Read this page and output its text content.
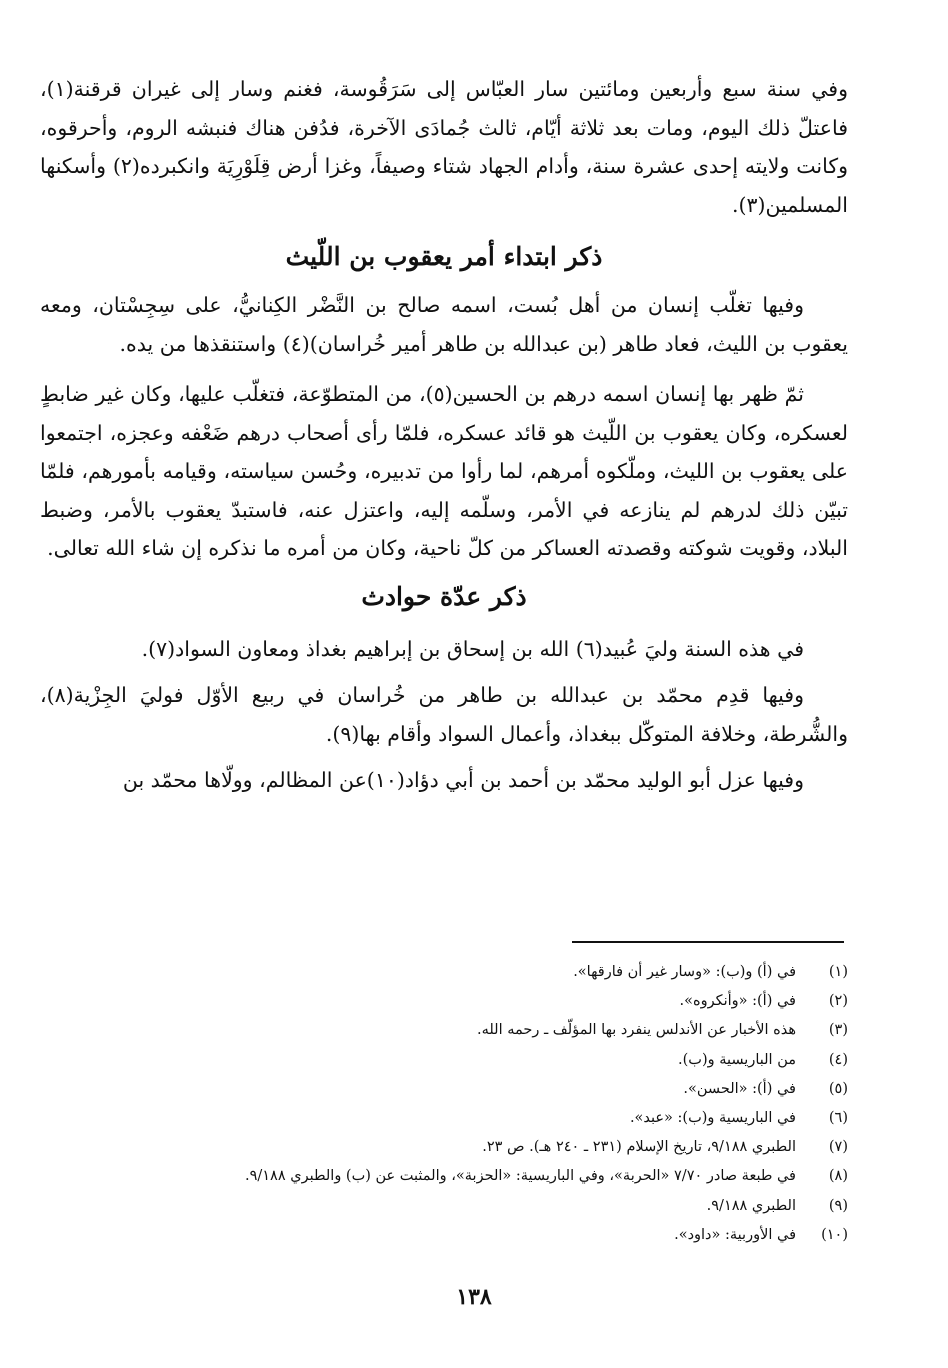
وفي سنة سبع وأربعين ومائتين سار العبّاس إلى سَرَقُوسة، فغنم وسار إلى غيران قرقنة(١)، فاعتلّ ذلك اليوم، ومات بعد ثلاثة أيّام، ثالث جُمادَى الآخرة، فدُفن هناك فنبشه الروم، وأحرقوه، وكانت ولايته إحدى عشرة سنة، وأدام الجهاد شتاء وصيفاً، وغزا أرض قِلَوْرِيَة وانكبرده(٢) وأسكنها المسلمين(٣).

ذكر ابتداء أمر يعقوب بن اللّيث

وفيها تغلّب إنسان من أهل بُست، اسمه صالح بن النَّضْر الكِنانيُّ، على سِجِسْتان، ومعه يعقوب بن الليث، فعاد طاهر (بن عبدالله بن طاهر أمير خُراسان)(٤) واستنقذها من يده.

ثمّ ظهر بها إنسان اسمه درهم بن الحسين(٥)، من المتطوّعة، فتغلّب عليها، وكان غير ضابطٍ لعسكره، وكان يعقوب بن اللّيث هو قائد عسكره، فلمّا رأى أصحاب درهم ضَعْفه وعجزه، اجتمعوا على يعقوب بن الليث، وملّكوه أمرهم، لما رأوا من تدبيره، وحُسن سياسته، وقيامه بأمورهم، فلمّا تبيّن ذلك لدرهم لم ينازعه في الأمر، وسلّمه إليه، واعتزل عنه، فاستبدّ يعقوب بالأمر، وضبط البلاد، وقويت شوكته وقصدته العساكر من كلّ ناحية، وكان من أمره ما نذكره إن شاء الله تعالى.

ذكر عدّة حوادث

في هذه السنة وليَ عُبيد(٦) الله بن إسحاق بن إبراهيم بغداذ ومعاون السواد(٧).

وفيها قدِم محمّد بن عبدالله بن طاهر من خُراسان في ربيع الأوّل فوليَ الجِزْية(٨)، والشُّرطة، وخلافة المتوكّل ببغداذ، وأعمال السواد وأقام بها(٩).

وفيها عزل أبو الوليد محمّد بن أحمد بن أبي دؤاد(١٠)عن المظالم، وولّاها محمّد بن

(١)
في (أ) و(ب): «وسار غير أن فارقها».
(٢)
في (أ): «وأنكروه».
(٣)
هذه الأخبار عن الأندلس ينفرد بها المؤلّف ـ رحمه الله.
(٤)
من الباريسية و(ب).
(٥)
في (أ): «الحسن».
(٦)
في الباريسية و(ب): «عبد».
(٧)
الطبري ٩/١٨٨، تاريخ الإسلام (٢٣١ ـ ٢٤٠ هـ). ص ٢٣.
(٨)
في طبعة صادر ٧/٧٠ «الحربة»، وفي الباريسية: «الحزبة»، والمثبت عن (ب) والطبري ٩/١٨٨.
(٩)
الطبري ٩/١٨٨.
(١٠)
في الأوربية: «داود».
١٣٨
